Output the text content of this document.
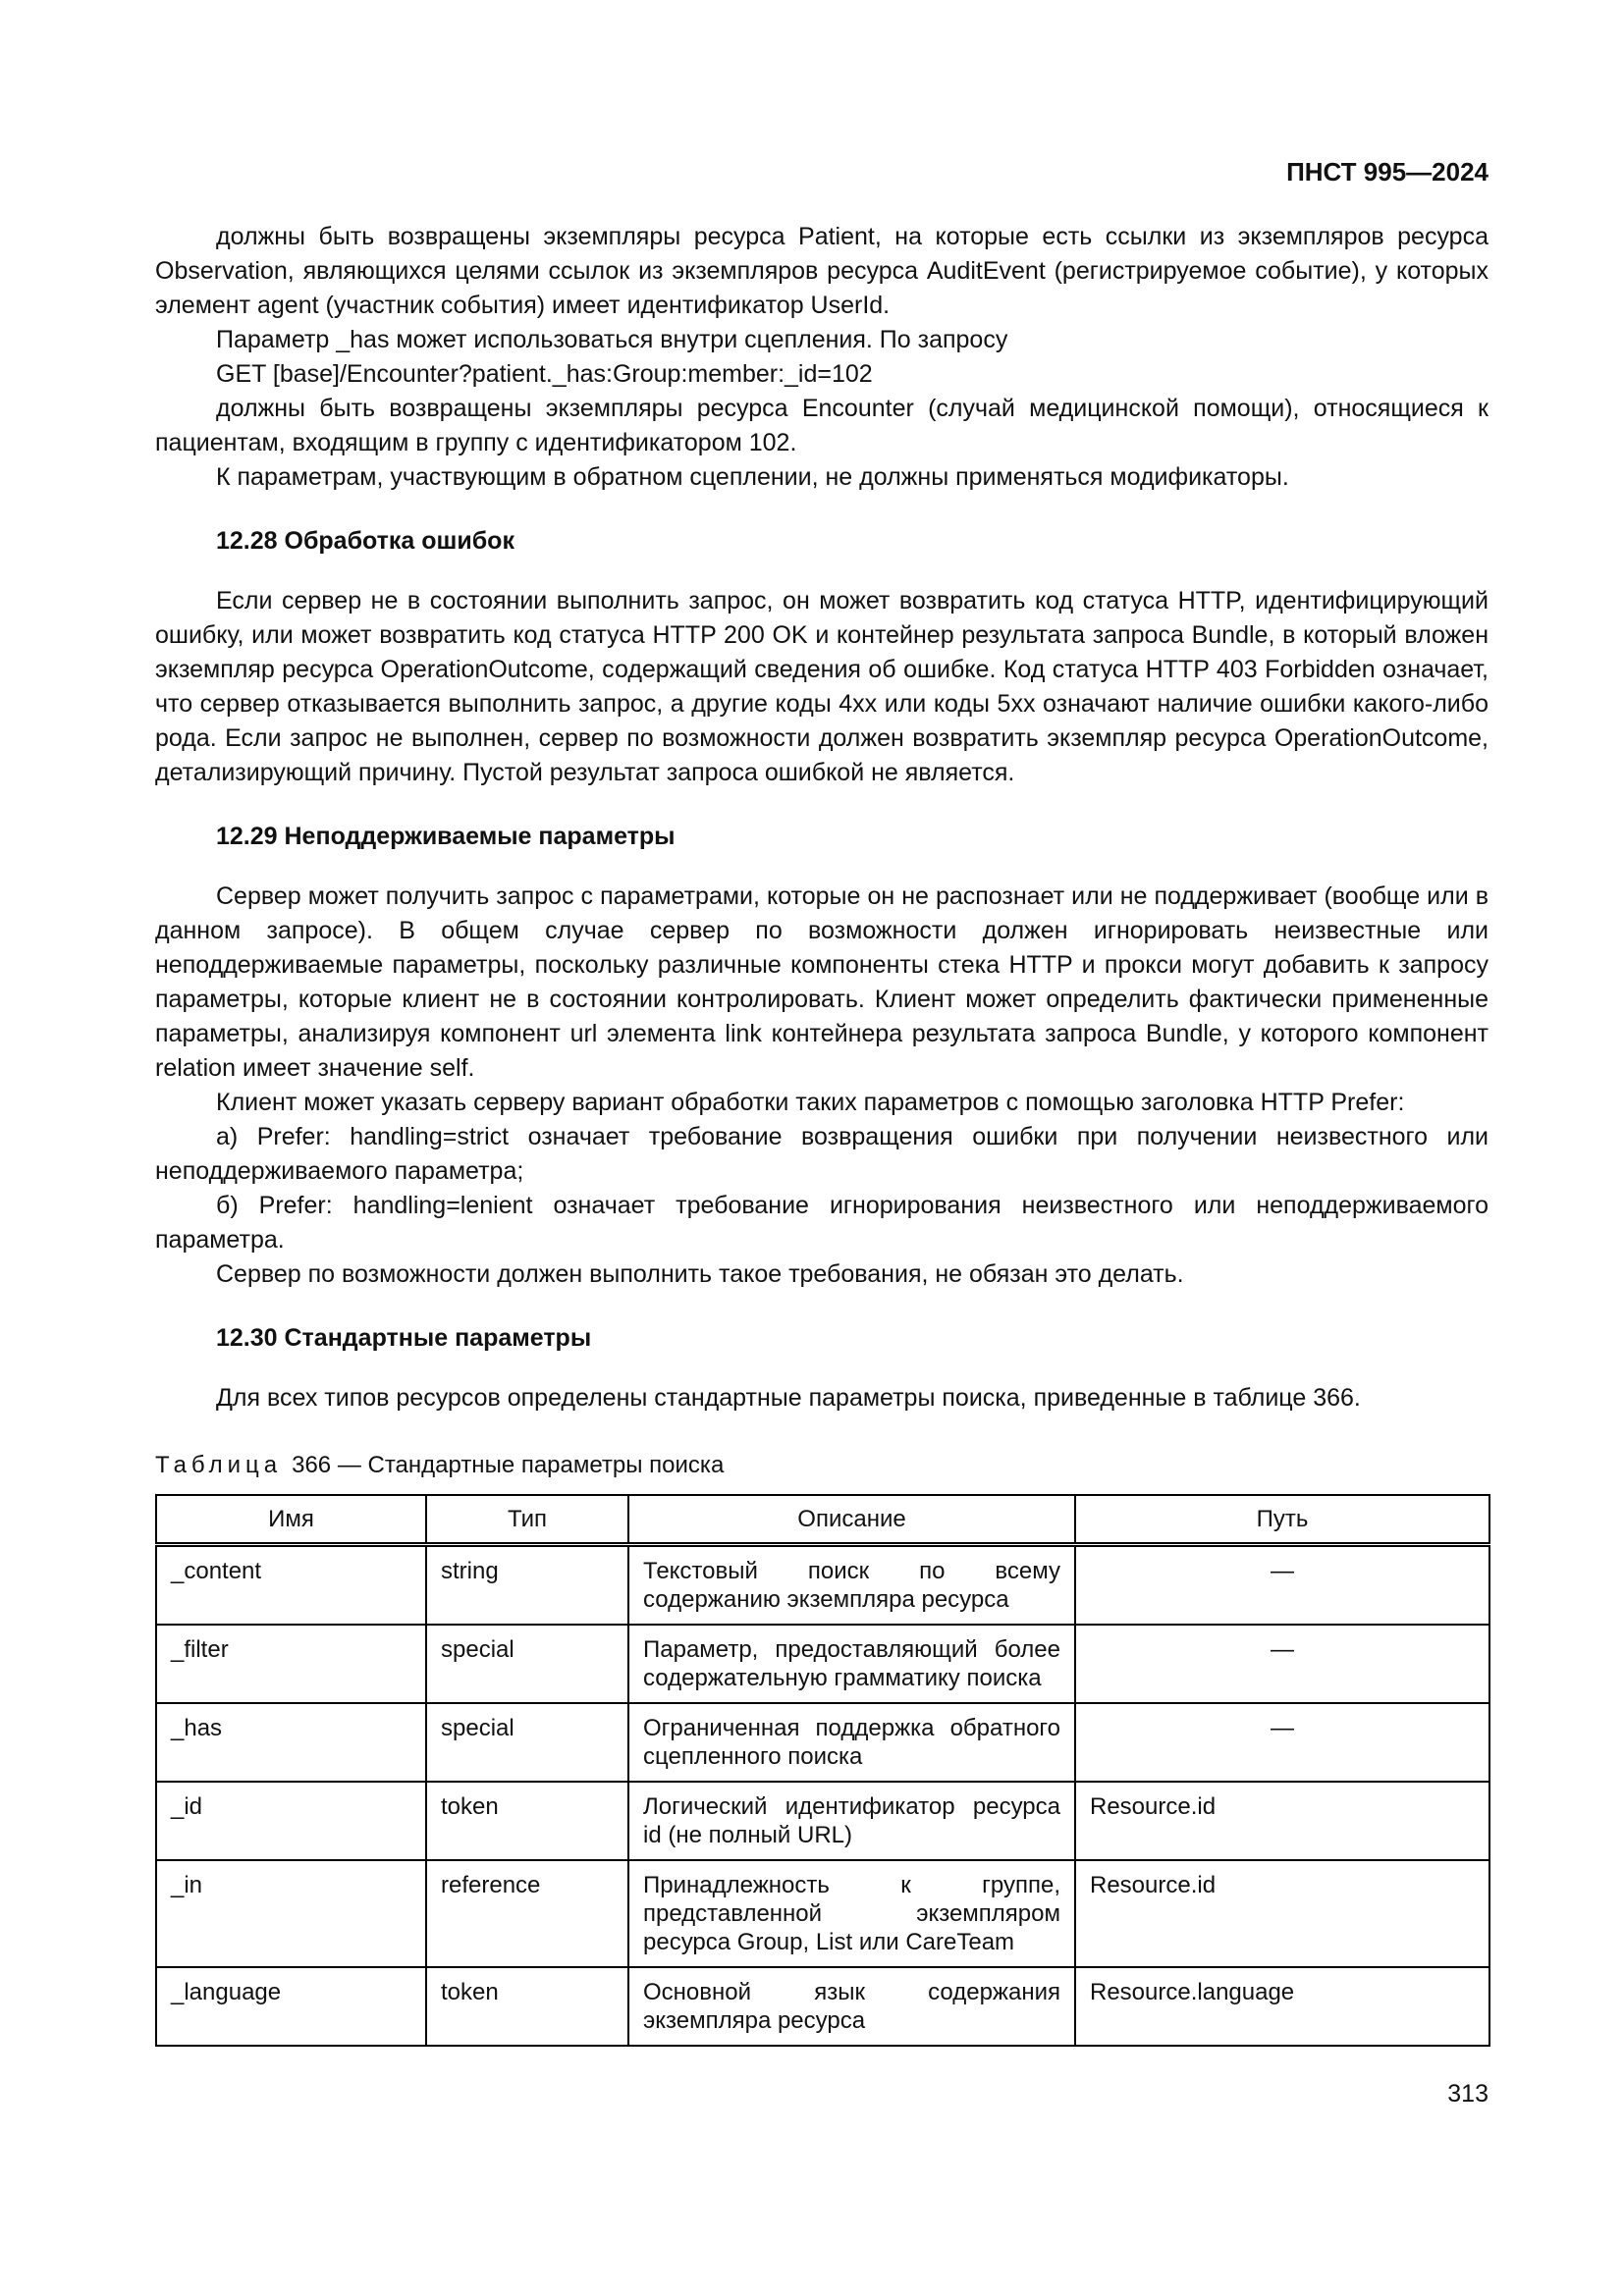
ПНСТ 995—2024

должны быть возвращены экземпляры ресурса Patient, на которые есть ссылки из экземпляров ресурса Observation, являющихся целями ссылок из экземпляров ресурса AuditEvent (регистрируемое событие), у которых элемент agent (участник события) имеет идентификатор UserId.

Параметр _has может использоваться внутри сцепления. По запросу

GET [base]/Encounter?patient._has:Group:member:_id=102

должны быть возвращены экземпляры ресурса Encounter (случай медицинской помощи), относящиеся к пациентам, входящим в группу с идентификатором 102.

К параметрам, участвующим в обратном сцеплении, не должны применяться модификаторы.

12.28 Обработка ошибок

Если сервер не в состоянии выполнить запрос, он может возвратить код статуса HTTP, идентифицирующий ошибку, или может возвратить код статуса HTTP 200 OK и контейнер результата запроса Bundle, в который вложен экземпляр ресурса OperationOutcome, содержащий сведения об ошибке. Код статуса HTTP 403 Forbidden означает, что сервер отказывается выполнить запрос, а другие коды 4xx или коды 5xx означают наличие ошибки какого-либо рода. Если запрос не выполнен, сервер по возможности должен возвратить экземпляр ресурса OperationOutcome, детализирующий причину. Пустой результат запроса ошибкой не является.

12.29 Неподдерживаемые параметры

Сервер может получить запрос с параметрами, которые он не распознает или не поддерживает (вообще или в данном запросе). В общем случае сервер по возможности должен игнорировать неизвестные или неподдерживаемые параметры, поскольку различные компоненты стека HTTP и прокси могут добавить к запросу параметры, которые клиент не в состоянии контролировать. Клиент может определить фактически примененные параметры, анализируя компонент url элемента link контейнера результата запроса Bundle, у которого компонент relation имеет значение self.

Клиент может указать серверу вариант обработки таких параметров с помощью заголовка HTTP Prefer:

а) Prefer: handling=strict означает требование возвращения ошибки при получении неизвестного или неподдерживаемого параметра;

б) Prefer: handling=lenient означает требование игнорирования неизвестного или неподдерживаемого параметра.

Сервер по возможности должен выполнить такое требования, не обязан это делать.

12.30 Стандартные параметры

Для всех типов ресурсов определены стандартные параметры поиска, приведенные в таблице 366.

Таблица 366 — Стандартные параметры поиска

Имя	Тип	Описание	Путь
_content	string	Текстовый поиск по всему содержанию экземпляра ресурса	—
_filter	special	Параметр, предоставляющий более содержательную грамматику поиска	—
_has	special	Ограниченная поддержка обратного сцепленного поиска	—
_id	token	Логический идентификатор ресурса id (не полный URL)	Resource.id
_in	reference	Принадлежность к группе, представленной экземпляром ресурса Group, List или CareTeam	Resource.id
_language	token	Основной язык содержания экземпляра ресурса	Resource.language
313
